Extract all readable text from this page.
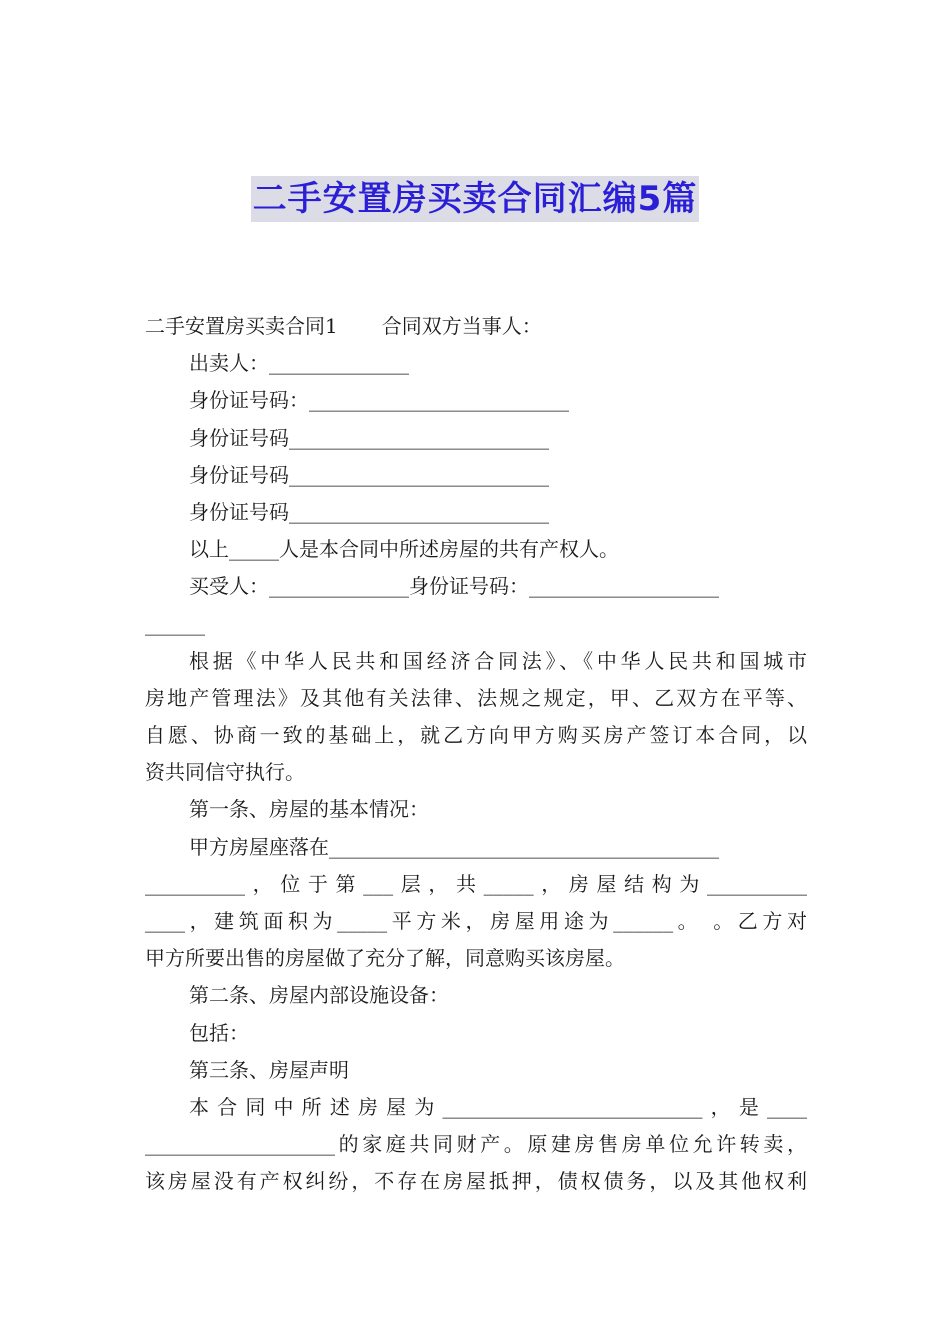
二手安置房买卖合同汇编5篇
二手安置房买卖合同1 合同双方当事人：
出卖人：______________
身份证号码：__________________________
身份证号码__________________________
身份证号码__________________________
身份证号码__________________________
以上_____人是本合同中所述房屋的共有产权人。
买受人：______________身份证号码：___________________
______
根据《中华人民共和国经济合同法》、《中华人民共和国城市
房地产管理法》及其他有关法律、法规之规定，甲、乙双方在平等、
自愿、协商一致的基础上，就乙方向甲方购买房产签订本合同，以
资共同信守执行。
第一条、房屋的基本情况：
甲方房屋座落在_______________________________________
__________，位于第___层，共_____，房屋结构为__________
____，建筑面积为_____平方米，房屋用途为______。 。乙方对
甲方所要出售的房屋做了充分了解，同意购买该房屋。
第二条、房屋内部设施设备：
包括：
第三条、房屋声明
本合同中所述房屋为__________________________，是____
___________________的家庭共同财产。原建房售房单位允许转卖，
该房屋没有产权纠纷，不存在房屋抵押，债权债务，以及其他权利
